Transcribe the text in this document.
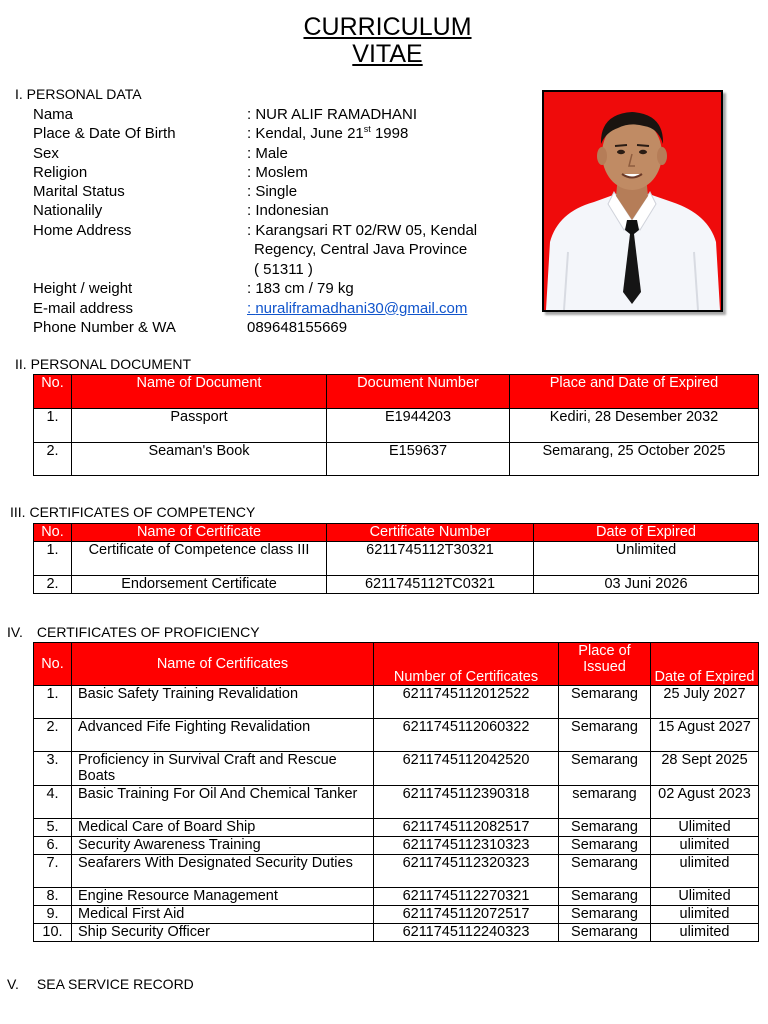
CURRICULUM
VITAE
I. PERSONAL DATA
Nama	: NUR ALIF RAMADHANI
Place & Date Of Birth	: Kendal, June 21st 1998
Sex	: Male
Religion	: Moslem
Marital Status	: Single
Nationalily	: Indonesian
Home Address	: Karangsari RT 02/RW 05, Kendal
Regency, Central Java Province
( 51311 )
Height / weight	: 183 cm / 79 kg
E-mail address	: nuraliframadhani30@gmail.com
Phone Number & WA	089648155669
II. PERSONAL DOCUMENT
No.	Name of Document	Document Number	Place and Date of Expired
1.	Passport	E1944203	Kediri, 28 Desember 2032
2.	Seaman's Book	E159637	Semarang, 25 October 2025
III. CERTIFICATES OF COMPETENCY
No.	Name of Certificate	Certificate Number	Date of Expired
1.	Certificate of Competence class III	6211745112T30321	Unlimited
2.	Endorsement Certificate	6211745112TC0321	03 Juni 2026
IV. CERTIFICATES OF PROFICIENCY
No.	Name of Certificates	Number of Certificates	Place of Issued	Date of Expired
1.	Basic Safety Training Revalidation	6211745112012522	Semarang	25 July 2027
2.	Advanced Fife Fighting Revalidation	6211745112060322	Semarang	15 Agust 2027
3.	Proficiency in Survival Craft and Rescue Boats	6211745112042520	Semarang	28 Sept 2025
4.	Basic Training For Oil And Chemical Tanker	6211745112390318	semarang	02 Agust 2023
5.	Medical Care of Board Ship	6211745112082517	Semarang	Ulimited
6.	Security Awareness Training	6211745112310323	Semarang	ulimited
7.	Seafarers With Designated Security Duties	6211745112320323	Semarang	ulimited
8.	Engine Resource Management	6211745112270321	Semarang	Ulimited
9.	Medical First Aid	6211745112072517	Semarang	ulimited
10.	Ship Security Officer	6211745112240323	Semarang	ulimited
V. SEA SERVICE RECORD
